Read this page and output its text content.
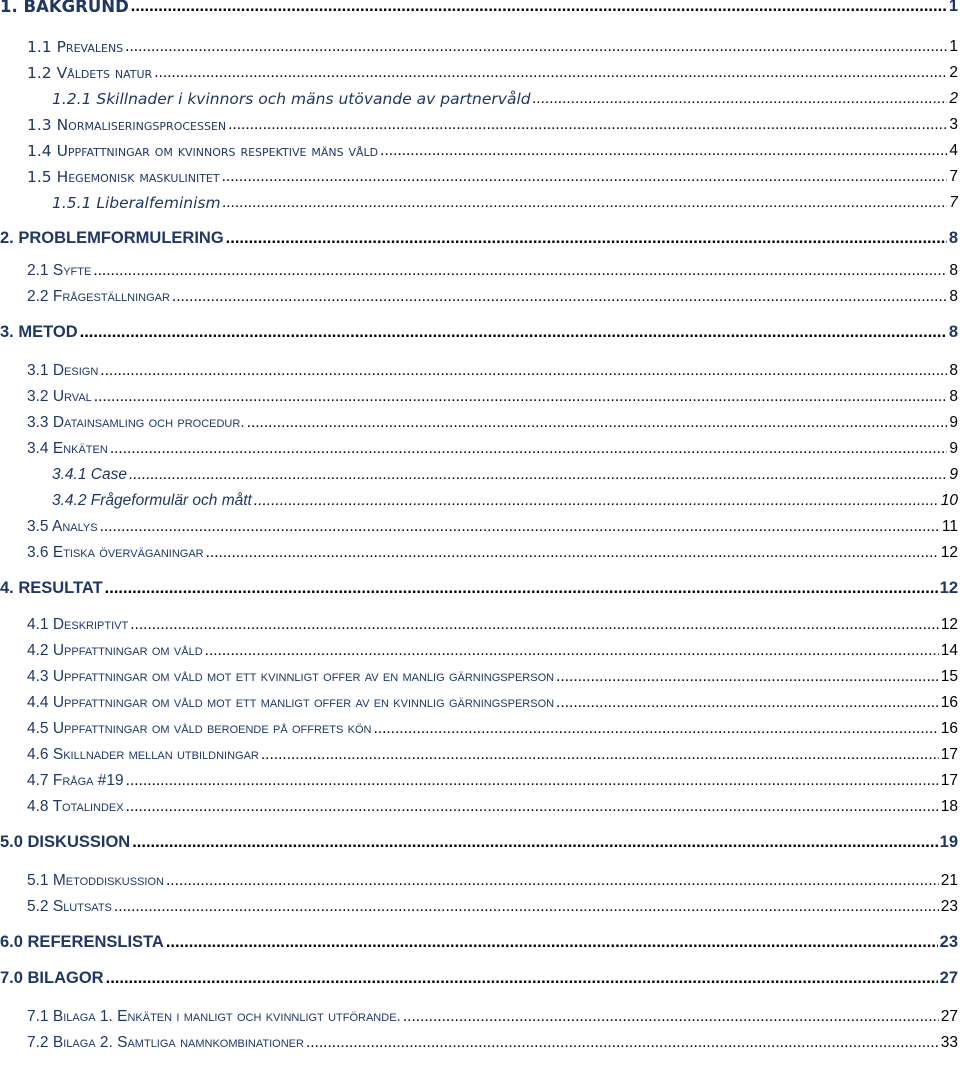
1. BAKGRUND .....	1
1.1 Prevalens .....	1
1.2 Våldets natur .....	2
1.2.1 Skillnader i kvinnors och mäns utövande av partnervåld .....	2
1.3 Normaliseringsprocessen .....	3
1.4 Uppfattningar om kvinnors respektive mäns våld .....	4
1.5 Hegemonisk maskulinitet .....	7
1.5.1 Liberalfeminism .....	7
2. PROBLEMFORMULERING .....	8
2.1 Syfte .....	8
2.2 Frågeställningar .....	8
3. METOD .....	8
3.1 Design .....	8
3.2 Urval .....	8
3.3 Datainsamling och procedur. .....	9
3.4 Enkäten .....	9
3.4.1 Case .....	9
3.4.2 Frågeformulär och mått .....	10
3.5 Analys .....	11
3.6 Etiska överväganingar .....	12
4. RESULTAT .....	12
4.1 Deskriptivt .....	12
4.2 Uppfattningar om våld .....	14
4.3 Uppfattningar om våld mot ett kvinnligt offer av en manlig gärningsperson .....	15
4.4 Uppfattningar om våld mot ett manligt offer av en kvinnlig gärningsperson .....	16
4.5 Uppfattningar om våld beroende på offrets kön .....	16
4.6 Skillnader mellan utbildningar .....	17
4.7 Fråga #19 .....	17
4.8 Totalindex .....	18
5.0 DISKUSSION .....	19
5.1 Metoddiskussion .....	21
5.2 Slutsats .....	23
6.0 REFERENSLISTA .....	23
7.0 BILAGOR .....	27
7.1 Bilaga 1. Enkäten i manligt och kvinnligt utförande. .....	27
7.2 Bilaga 2. Samtliga namnkombinationer .....	33
